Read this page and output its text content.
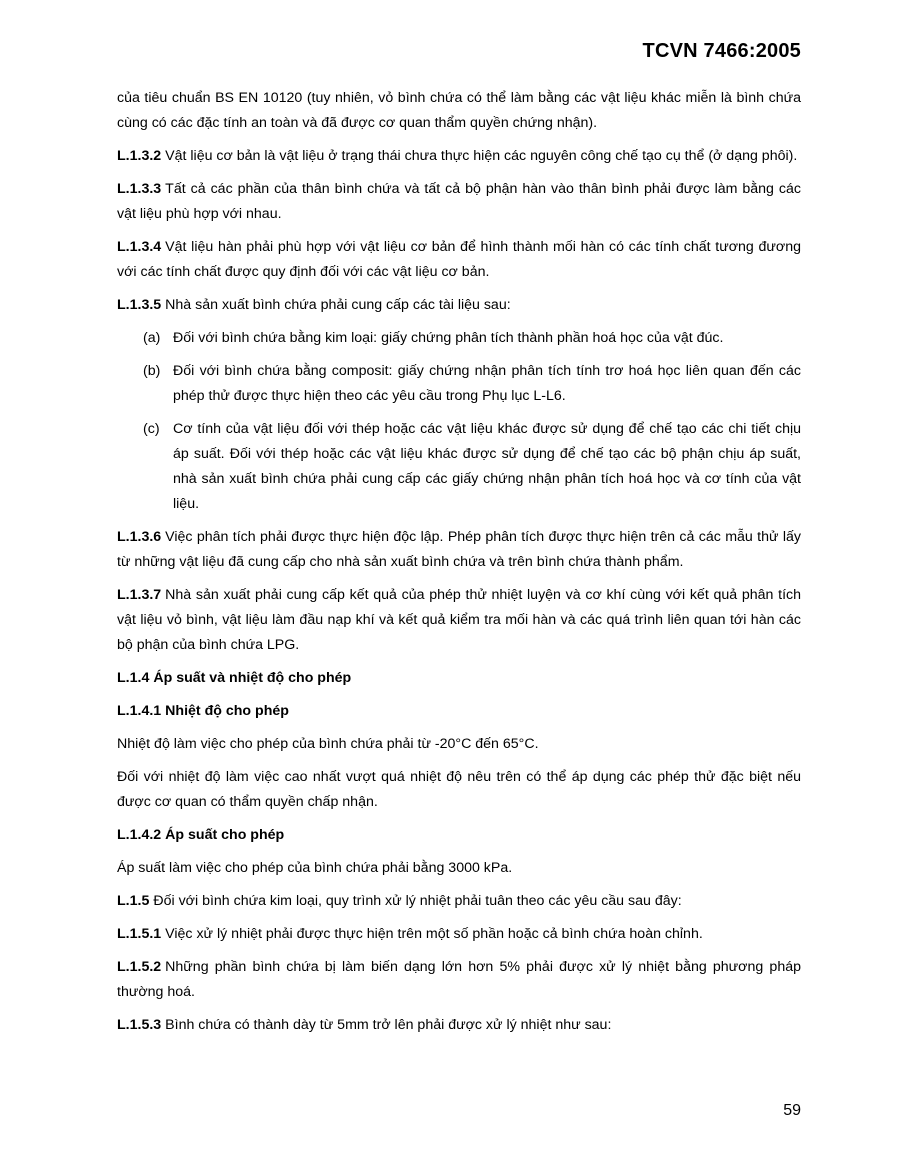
TCVN 7466:2005
của tiêu chuẩn BS EN 10120 (tuy nhiên, vỏ bình chứa có thể làm bằng các vật liệu khác miễn là bình chứa cùng có các đặc tính an toàn và đã được cơ quan thẩm quyền chứng nhận).
L.1.3.2 Vật liệu cơ bản là vật liệu ở trạng thái chưa thực hiện các nguyên công chế tạo cụ thể (ở dạng phôi).
L.1.3.3 Tất cả các phần của thân bình chứa và tất cả bộ phận hàn vào thân bình phải được làm bằng các vật liệu phù hợp với nhau.
L.1.3.4 Vật liệu hàn phải phù hợp với vật liệu cơ bản để hình thành mối hàn có các tính chất tương đương với các tính chất được quy định đối với các vật liệu cơ bản.
L.1.3.5 Nhà sản xuất bình chứa phải cung cấp các tài liệu sau:
(a) Đối với bình chứa bằng kim loại: giấy chứng phân tích thành phần hoá học của vật đúc.
(b) Đối với bình chứa bằng composit: giấy chứng nhận phân tích tính trơ hoá học liên quan đến các phép thử được thực hiện theo các yêu cầu trong Phụ lục L-L6.
(c) Cơ tính của vật liệu đối với thép hoặc các vật liệu khác được sử dụng để chế tạo các chi tiết chịu áp suất. Đối với thép hoặc các vật liệu khác được sử dụng để chế tạo các bộ phận chịu áp suất, nhà sản xuất bình chứa phải cung cấp các giấy chứng nhận phân tích hoá học và cơ tính của vật liệu.
L.1.3.6 Việc phân tích phải được thực hiện độc lập. Phép phân tích được thực hiện trên cả các mẫu thử lấy từ những vật liệu đã cung cấp cho nhà sản xuất bình chứa và trên bình chứa thành phẩm.
L.1.3.7 Nhà sản xuất phải cung cấp kết quả của phép thử nhiệt luyện và cơ khí cùng với kết quả phân tích vật liệu vỏ bình, vật liệu làm đầu nạp khí và kết quả kiểm tra mối hàn và các quá trình liên quan tới hàn các bộ phận của bình chứa LPG.
L.1.4 Áp suất và nhiệt độ cho phép
L.1.4.1 Nhiệt độ cho phép
Nhiệt độ làm việc cho phép của bình chứa phải từ -20°C đến 65°C.
Đối với nhiệt độ làm việc cao nhất vượt quá nhiệt độ nêu trên có thể áp dụng các phép thử đặc biệt nếu được cơ quan có thẩm quyền chấp nhận.
L.1.4.2 Áp suất cho phép
Áp suất làm việc cho phép của bình chứa phải bằng 3000 kPa.
L.1.5 Đối với bình chứa kim loại, quy trình xử lý nhiệt phải tuân theo các yêu cầu sau đây:
L.1.5.1 Việc xử lý nhiệt phải được thực hiện trên một số phần hoặc cả bình chứa hoàn chỉnh.
L.1.5.2 Những phần bình chứa bị làm biến dạng lớn hơn 5% phải được xử lý nhiệt bằng phương pháp thường hoá.
L.1.5.3 Bình chứa có thành dày từ 5mm trở lên phải được xử lý nhiệt như sau:
59
